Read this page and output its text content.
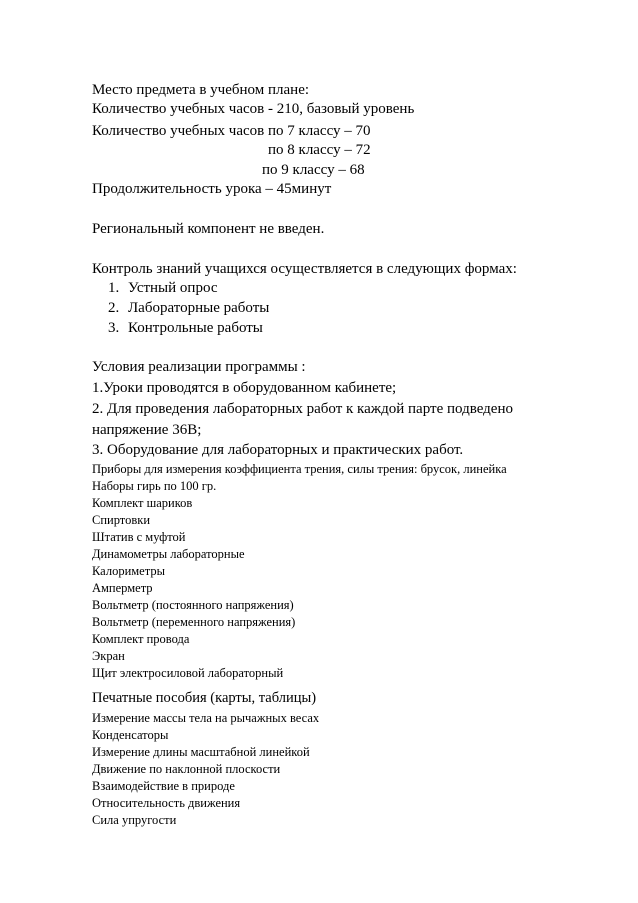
Место предмета в учебном плане:

Количество учебных часов - 210, базовый уровень

Количество учебных часов по 7 классу – 70

по 8 классу – 72

по 9 классу – 68

Продолжительность урока – 45минут

Региональный компонент не введен.

Контроль знаний учащихся осуществляется в следующих формах:

1. Устный опрос
2. Лабораторные работы
3. Контрольные работы

Условия реализации программы :

1.Уроки проводятся в оборудованном кабинете;

2. Для проведения лабораторных работ к каждой парте подведено

напряжение 36В;

3. Оборудование для лабораторных и практических работ.

Приборы для измерения коэффициента трения, силы трения: брусок, линейка

Наборы гирь по 100 гр.

Комплект шариков

Спиртовки

Штатив с муфтой

Динамометры лабораторные

Калориметры

Амперметр

Вольтметр (постоянного напряжения)

Вольтметр (переменного напряжения)

Комплект провода

Экран

Щит электросиловой лабораторный

Печатные пособия (карты, таблицы)

Измерение массы тела на рычажных весах

Конденсаторы

Измерение длины масштабной линейкой

Движение по наклонной плоскости

Взаимодействие в природе

Относительность движения

Сила упругости
